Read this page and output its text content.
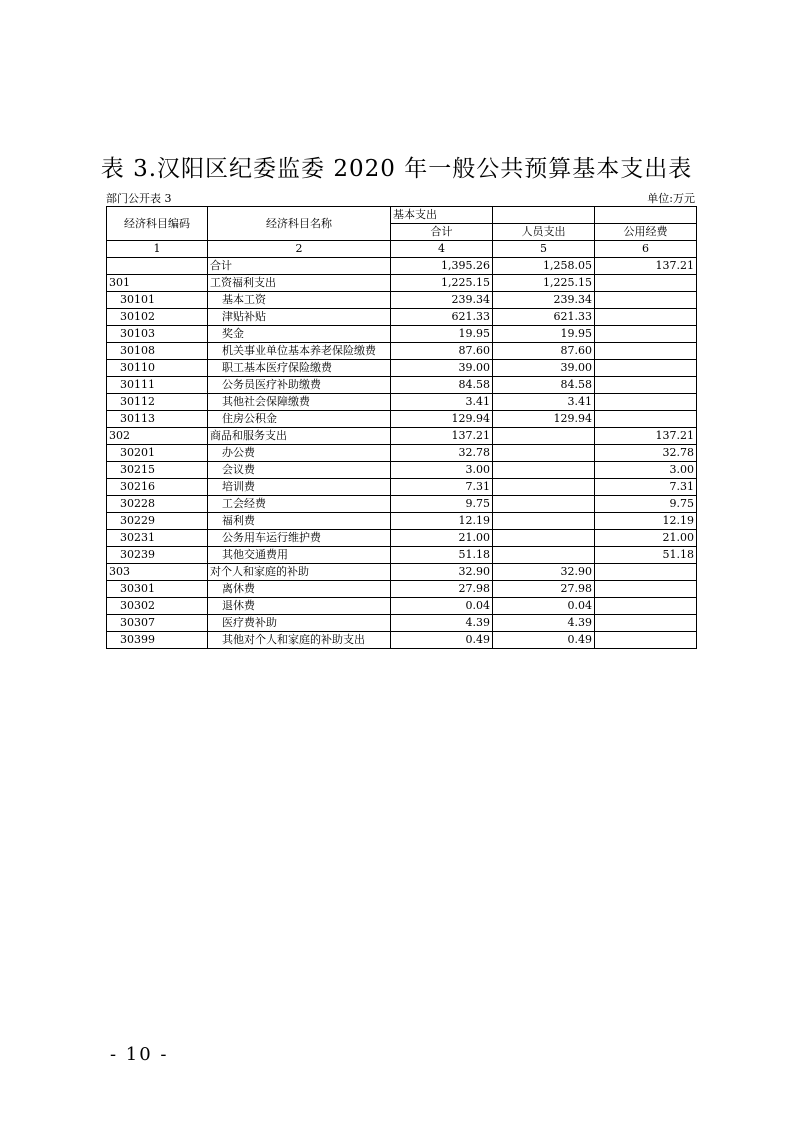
表 3.汉阳区纪委监委 2020 年一般公共预算基本支出表
部门公开表 3	单位:万元
经济科目编码	经济科目名称	基本支出		
		合计	人员支出	公用经费
1	2	4	5	6
	合计	1,395.26	1,258.05	137.21
301	工资福利支出	1,225.15	1,225.15	
30101	基本工资	239.34	239.34	
30102	津贴补贴	621.33	621.33	
30103	奖金	19.95	19.95	
30108	机关事业单位基本养老保险缴费	87.60	87.60	
30110	职工基本医疗保险缴费	39.00	39.00	
30111	公务员医疗补助缴费	84.58	84.58	
30112	其他社会保障缴费	3.41	3.41	
30113	住房公积金	129.94	129.94	
302	商品和服务支出	137.21		137.21
30201	办公费	32.78		32.78
30215	会议费	3.00		3.00
30216	培训费	7.31		7.31
30228	工会经费	9.75		9.75
30229	福利费	12.19		12.19
30231	公务用车运行维护费	21.00		21.00
30239	其他交通费用	51.18		51.18
303	对个人和家庭的补助	32.90	32.90	
30301	离休费	27.98	27.98	
30302	退休费	0.04	0.04	
30307	医疗费补助	4.39	4.39	
30399	其他对个人和家庭的补助支出	0.49	0.49	
- 10 -
